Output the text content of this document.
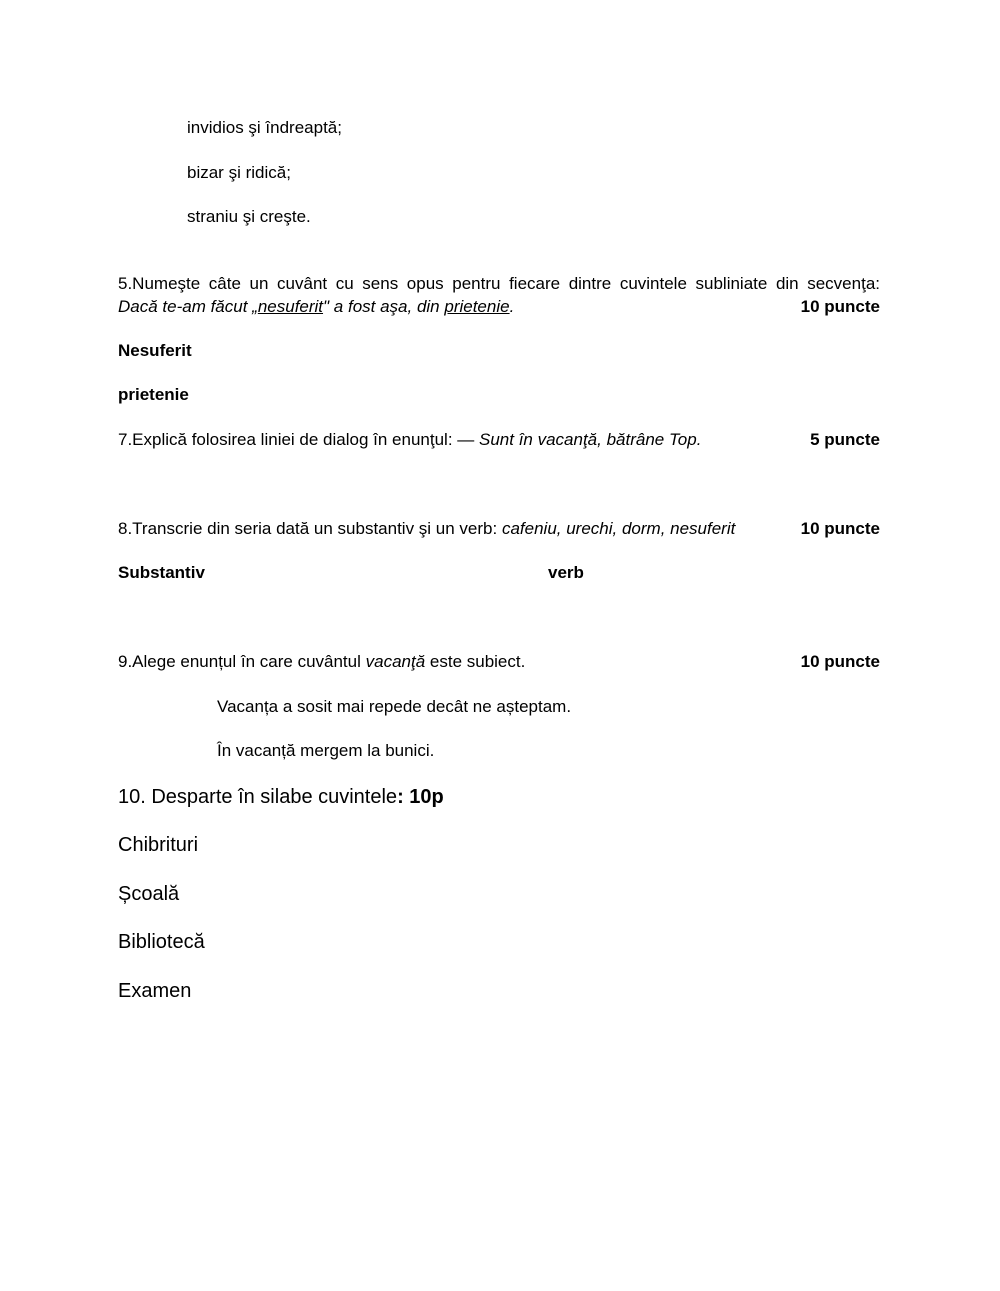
invidios şi îndreaptă;
bizar şi ridică;
straniu şi creşte.
5.Numeşte câte un cuvânt cu sens opus pentru fiecare dintre cuvintele subliniate din secvenţa:
Dacă te-am făcut „nesuferit" a fost aşa, din prietenie.	10 puncte
Nesuferit
prietenie
7.Explică folosirea liniei de dialog în enunţul: — Sunt în vacanţă, bătrâne Top.	5 puncte
8.Transcrie din seria dată un substantiv şi un verb: cafeniu, urechi, dorm, nesuferit	10 puncte
Substantiv	verb
9.Alege enunțul în care cuvântul vacanţă este subiect.	10 puncte
Vacanța a sosit mai repede decât ne așteptam.
În vacanță mergem la bunici.
10. Desparte în silabe cuvintele: 10p
Chibrituri
Școală
Bibliotecă
Examen
